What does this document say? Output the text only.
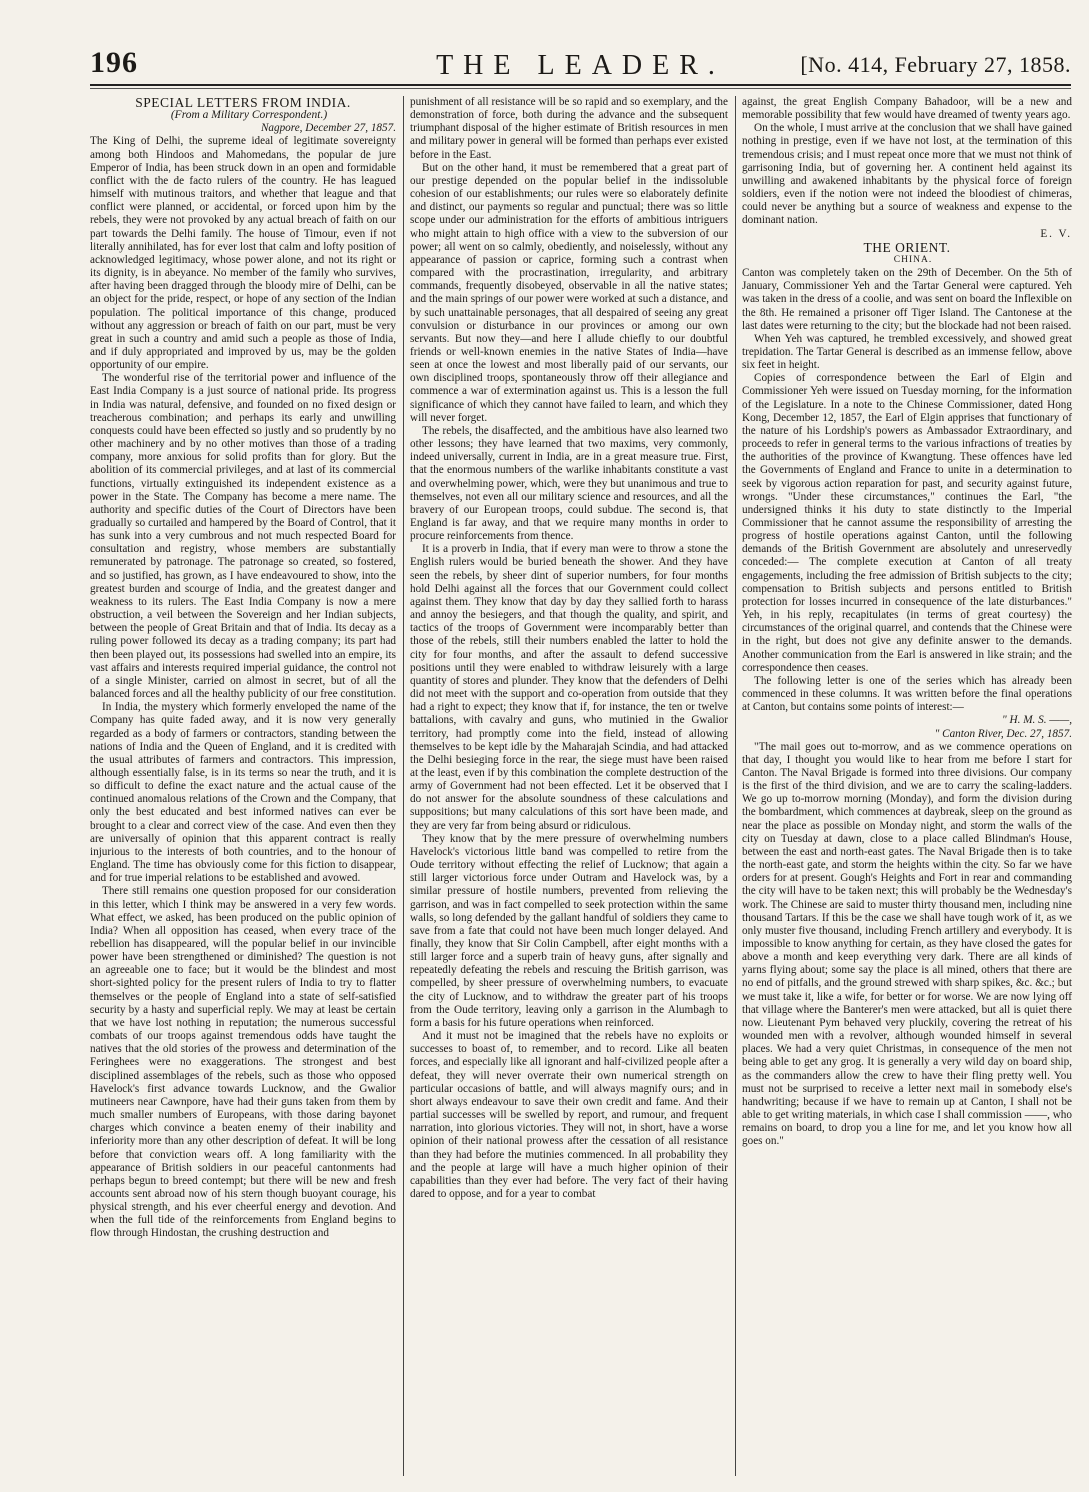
196	THE LEADER.	[No. 414, February 27, 1858.

SPECIAL LETTERS FROM INDIA.

(From a Military Correspondent.)

Nagpore, December 27, 1857.

The King of Delhi, the supreme ideal of legitimate sovereignty among both Hindoos and Mahomedans, the popular de jure Emperor of India, has been struck down in an open and formidable conflict with the de facto rulers of the country. He has leagued himself with mutinous traitors, and whether that league and that conflict were planned, or accidental, or forced upon him by the rebels, they were not provoked by any actual breach of faith on our part towards the Delhi family. The house of Timour, even if not literally annihilated, has for ever lost that calm and lofty position of acknowledged legitimacy, whose power alone, and not its right or its dignity, is in abeyance. No member of the family who survives, after having been dragged through the bloody mire of Delhi, can be an object for the pride, respect, or hope of any section of the Indian population. The political importance of this change, produced without any aggression or breach of faith on our part, must be very great in such a country and amid such a people as those of India, and if duly appropriated and improved by us, may be the golden opportunity of our empire.

The wonderful rise of the territorial power and influence of the East India Company is a just source of national pride. Its progress in India was natural, defensive, and founded on no fixed design or treacherous combination; and perhaps its early and unwilling conquests could have been effected so justly and so prudently by no other machinery and by no other motives than those of a trading company, more anxious for solid profits than for glory. But the abolition of its commercial privileges, and at last of its commercial functions, virtually extinguished its independent existence as a power in the State. The Company has become a mere name. The authority and specific duties of the Court of Directors have been gradually so curtailed and hampered by the Board of Control, that it has sunk into a very cumbrous and not much respected Board for consultation and registry, whose members are substantially remunerated by patronage. The patronage so created, so fostered, and so justified, has grown, as I have endeavoured to show, into the greatest burden and scourge of India, and the greatest danger and weakness to its rulers. The East India Company is now a mere obstruction, a veil between the Sovereign and her Indian subjects, between the people of Great Britain and that of India. Its decay as a ruling power followed its decay as a trading company; its part had then been played out, its possessions had swelled into an empire, its vast affairs and interests required imperial guidance, the control not of a single Minister, carried on almost in secret, but of all the balanced forces and all the healthy publicity of our free constitution.

In India, the mystery which formerly enveloped the name of the Company has quite faded away, and it is now very generally regarded as a body of farmers or contractors, standing between the nations of India and the Queen of England, and it is credited with the usual attributes of farmers and contractors. This impression, although essentially false, is in its terms so near the truth, and it is so difficult to define the exact nature and the actual cause of the continued anomalous relations of the Crown and the Company, that only the best educated and best informed natives can ever be brought to a clear and correct view of the case. And even then they are universally of opinion that this apparent contract is really injurious to the interests of both countries, and to the honour of England. The time has obviously come for this fiction to disappear, and for true imperial relations to be established and avowed.

There still remains one question proposed for our consideration in this letter, which I think may be answered in a very few words. What effect, we asked, has been produced on the public opinion of India? When all opposition has ceased, when every trace of the rebellion has disappeared, will the popular belief in our invincible power have been strengthened or diminished? The question is not an agreeable one to face; but it would be the blindest and most short-sighted policy for the present rulers of India to try to flatter themselves or the people of England into a state of self-satisfied security by a hasty and superficial reply. We may at least be certain that we have lost nothing in reputation; the numerous successful combats of our troops against tremendous odds have taught the natives that the old stories of the prowess and determination of the Feringhees were no exaggerations. The strongest and best disciplined assemblages of the rebels, such as those who opposed Havelock's first advance towards Lucknow, and the Gwalior mutineers near Cawnpore, have had their guns taken from them by much smaller numbers of Europeans, with those daring bayonet charges which convince a beaten enemy of their inability and inferiority more than any other description of defeat. It will be long before that conviction wears off. A long familiarity with the appearance of British soldiers in our peaceful cantonments had perhaps begun to breed contempt; but there will be new and fresh accounts sent abroad now of his stern though buoyant courage, his physical strength, and his ever cheerful energy and devotion. And when the full tide of the reinforcements from England begins to flow through Hindostan, the crushing destruction and

punishment of all resistance will be so rapid and so exemplary, and the demonstration of force, both during the advance and the subsequent triumphant disposal of the higher estimate of British resources in men and military power in general will be formed than perhaps ever existed before in the East.

But on the other hand, it must be remembered that a great part of our prestige depended on the popular belief in the indissoluble cohesion of our establishments; our rules were so elaborately definite and distinct, our payments so regular and punctual; there was so little scope under our administration for the efforts of ambitious intriguers who might attain to high office with a view to the subversion of our power; all went on so calmly, obediently, and noiselessly, without any appearance of passion or caprice, forming such a contrast when compared with the procrastination, irregularity, and arbitrary commands, frequently disobeyed, observable in all the native states; and the main springs of our power were worked at such a distance, and by such unattainable personages, that all despaired of seeing any great convulsion or disturbance in our provinces or among our own servants. But now they—and here I allude chiefly to our doubtful friends or well-known enemies in the native States of India—have seen at once the lowest and most liberally paid of our servants, our own disciplined troops, spontaneously throw off their allegiance and commence a war of extermination against us. This is a lesson the full significance of which they cannot have failed to learn, and which they will never forget.

The rebels, the disaffected, and the ambitious have also learned two other lessons; they have learned that two maxims, very commonly, indeed universally, current in India, are in a great measure true. First, that the enormous numbers of the warlike inhabitants constitute a vast and overwhelming power, which, were they but unanimous and true to themselves, not even all our military science and resources, and all the bravery of our European troops, could subdue. The second is, that England is far away, and that we require many months in order to procure reinforcements from thence.

It is a proverb in India, that if every man were to throw a stone the English rulers would be buried beneath the shower. And they have seen the rebels, by sheer dint of superior numbers, for four months hold Delhi against all the forces that our Government could collect against them. They know that day by day they sallied forth to harass and annoy the besiegers, and that though the quality, and spirit, and tactics of the troops of Government were incomparably better than those of the rebels, still their numbers enabled the latter to hold the city for four months, and after the assault to defend successive positions until they were enabled to withdraw leisurely with a large quantity of stores and plunder. They know that the defenders of Delhi did not meet with the support and co-operation from outside that they had a right to expect; they know that if, for instance, the ten or twelve battalions, with cavalry and guns, who mutinied in the Gwalior territory, had promptly come into the field, instead of allowing themselves to be kept idle by the Maharajah Scindia, and had attacked the Delhi besieging force in the rear, the siege must have been raised at the least, even if by this combination the complete destruction of the army of Government had not been effected. Let it be observed that I do not answer for the absolute soundness of these calculations and suppositions; but many calculations of this sort have been made, and they are very far from being absurd or ridiculous.

They know that by the mere pressure of overwhelming numbers Havelock's victorious little band was compelled to retire from the Oude territory without effecting the relief of Lucknow; that again a still larger victorious force under Outram and Havelock was, by a similar pressure of hostile numbers, prevented from relieving the garrison, and was in fact compelled to seek protection within the same walls, so long defended by the gallant handful of soldiers they came to save from a fate that could not have been much longer delayed. And finally, they know that Sir Colin Campbell, after eight months with a still larger force and a superb train of heavy guns, after signally and repeatedly defeating the rebels and rescuing the British garrison, was compelled, by sheer pressure of overwhelming numbers, to evacuate the city of Lucknow, and to withdraw the greater part of his troops from the Oude territory, leaving only a garrison in the Alumbagh to form a basis for his future operations when reinforced.

And it must not be imagined that the rebels have no exploits or successes to boast of, to remember, and to record. Like all beaten forces, and especially like all ignorant and half-civilized people after a defeat, they will never overrate their own numerical strength on particular occasions of battle, and will always magnify ours; and in short always endeavour to save their own credit and fame. And their partial successes will be swelled by report, and rumour, and frequent narration, into glorious victories. They will not, in short, have a worse opinion of their national prowess after the cessation of all resistance than they had before the mutinies commenced. In all probability they and the people at large will have a much higher opinion of their capabilities than they ever had before. The very fact of their having dared to oppose, and for a year to combat

against, the great English Company Bahadoor, will be a new and memorable possibility that few would have dreamed of twenty years ago.

On the whole, I must arrive at the conclusion that we shall have gained nothing in prestige, even if we have not lost, at the termination of this tremendous crisis; and I must repeat once more that we must not think of garrisoning India, but of governing her. A continent held against its unwilling and awakened inhabitants by the physical force of foreign soldiers, even if the notion were not indeed the bloodiest of chimeras, could never be anything but a source of weakness and expense to the dominant nation.

E. V.

THE ORIENT.

CHINA.

Canton was completely taken on the 29th of December. On the 5th of January, Commissioner Yeh and the Tartar General were captured. Yeh was taken in the dress of a coolie, and was sent on board the Inflexible on the 8th. He remained a prisoner off Tiger Island. The Cantonese at the last dates were returning to the city; but the blockade had not been raised.

When Yeh was captured, he trembled excessively, and showed great trepidation. The Tartar General is described as an immense fellow, above six feet in height.

Copies of correspondence between the Earl of Elgin and Commissioner Yeh were issued on Tuesday morning, for the information of the Legislature. In a note to the Chinese Commissioner, dated Hong Kong, December 12, 1857, the Earl of Elgin apprises that functionary of the nature of his Lordship's powers as Ambassador Extraordinary, and proceeds to refer in general terms to the various infractions of treaties by the authorities of the province of Kwangtung. These offences have led the Governments of England and France to unite in a determination to seek by vigorous action reparation for past, and security against future, wrongs. "Under these circumstances," continues the Earl, "the undersigned thinks it his duty to state distinctly to the Imperial Commissioner that he cannot assume the responsibility of arresting the progress of hostile operations against Canton, until the following demands of the British Government are absolutely and unreservedly conceded:— The complete execution at Canton of all treaty engagements, including the free admission of British subjects to the city; compensation to British subjects and persons entitled to British protection for losses incurred in consequence of the late disturbances." Yeh, in his reply, recapitulates (in terms of great courtesy) the circumstances of the original quarrel, and contends that the Chinese were in the right, but does not give any definite answer to the demands. Another communication from the Earl is answered in like strain; and the correspondence then ceases.

The following letter is one of the series which has already been commenced in these columns. It was written before the final operations at Canton, but contains some points of interest:—

" H. M. S. ——,

" Canton River, Dec. 27, 1857.

"The mail goes out to-morrow, and as we commence operations on that day, I thought you would like to hear from me before I start for Canton. The Naval Brigade is formed into three divisions. Our company is the first of the third division, and we are to carry the scaling-ladders. We go up to-morrow morning (Monday), and form the division during the bombardment, which commences at daybreak, sleep on the ground as near the place as possible on Monday night, and storm the walls of the city on Tuesday at dawn, close to a place called Blindman's House, between the east and north-east gates. The Naval Brigade then is to take the north-east gate, and storm the heights within the city. So far we have orders for at present. Gough's Heights and Fort in rear and commanding the city will have to be taken next; this will probably be the Wednesday's work. The Chinese are said to muster thirty thousand men, including nine thousand Tartars. If this be the case we shall have tough work of it, as we only muster five thousand, including French artillery and everybody. It is impossible to know anything for certain, as they have closed the gates for above a month and keep everything very dark. There are all kinds of yarns flying about; some say the place is all mined, others that there are no end of pitfalls, and the ground strewed with sharp spikes, &c. &c.; but we must take it, like a wife, for better or for worse. We are now lying off that village where the Banterer's men were attacked, but all is quiet there now. Lieutenant Pym behaved very pluckily, covering the retreat of his wounded men with a revolver, although wounded himself in several places. We had a very quiet Christmas, in consequence of the men not being able to get any grog. It is generally a very wild day on board ship, as the commanders allow the crew to have their fling pretty well. You must not be surprised to receive a letter next mail in somebody else's handwriting; because if we have to remain up at Canton, I shall not be able to get writing materials, in which case I shall commission ——, who remains on board, to drop you a line for me, and let you know how all goes on."
